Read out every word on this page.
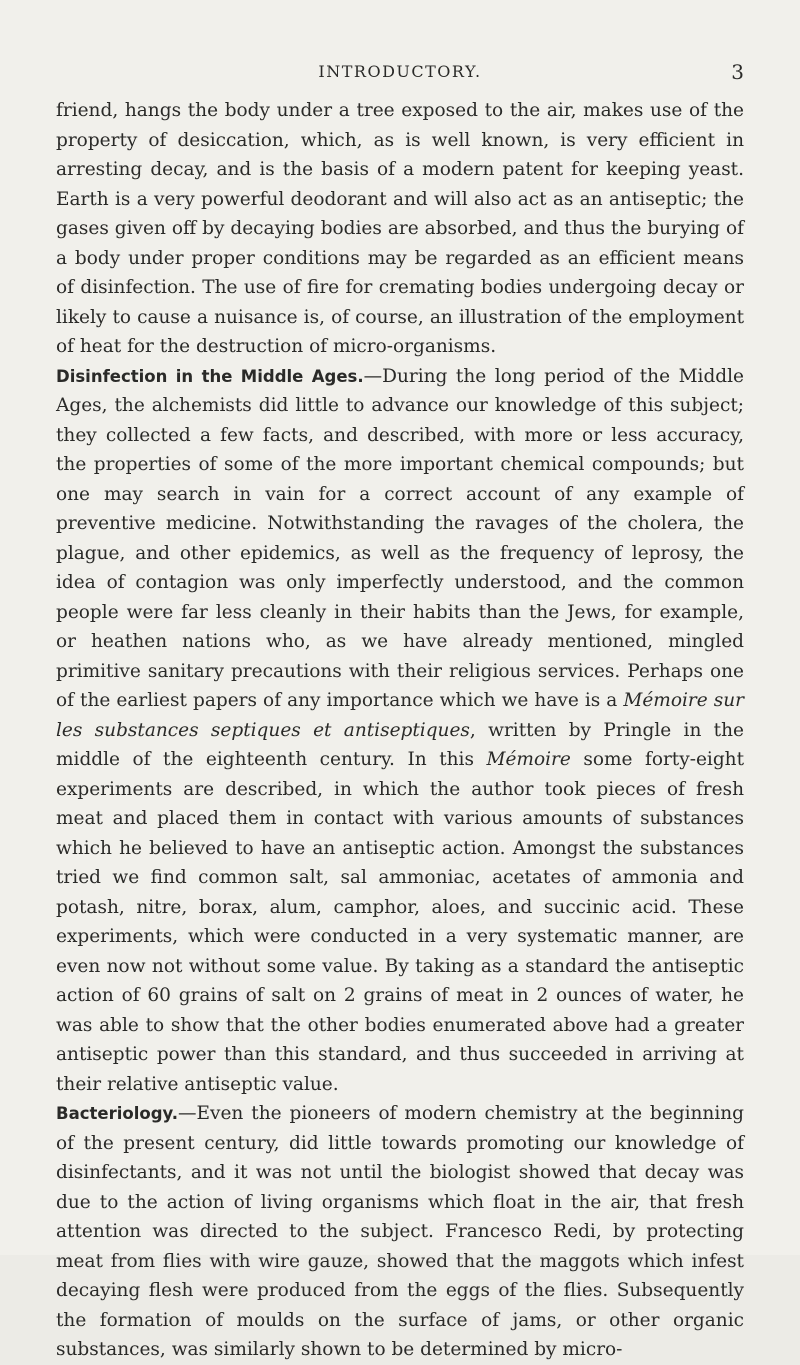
INTRODUCTORY.	3

friend, hangs the body under a tree exposed to the air, makes use of the property of desiccation, which, as is well known, is very efficient in arresting decay, and is the basis of a modern patent for keeping yeast. Earth is a very powerful deodorant and will also act as an antiseptic; the gases given off by decaying bodies are absorbed, and thus the burying of a body under proper conditions may be regarded as an efficient means of disinfection. The use of fire for cremating bodies undergoing decay or likely to cause a nuisance is, of course, an illustration of the employment of heat for the destruction of micro-organisms.

Disinfection in the Middle Ages.—During the long period of the Middle Ages, the alchemists did little to advance our knowledge of this subject; they collected a few facts, and described, with more or less accuracy, the properties of some of the more important chemical compounds; but one may search in vain for a correct account of any example of preventive medicine. Notwithstanding the ravages of the cholera, the plague, and other epidemics, as well as the frequency of leprosy, the idea of contagion was only imperfectly understood, and the common people were far less cleanly in their habits than the Jews, for example, or heathen nations who, as we have already mentioned, mingled primitive sanitary precautions with their religious services. Perhaps one of the earliest papers of any importance which we have is a Mémoire sur les substances septiques et antiseptiques, written by Pringle in the middle of the eighteenth century. In this Mémoire some forty-eight experiments are described, in which the author took pieces of fresh meat and placed them in contact with various amounts of substances which he believed to have an antiseptic action. Amongst the substances tried we find common salt, sal ammoniac, acetates of ammonia and potash, nitre, borax, alum, camphor, aloes, and succinic acid. These experiments, which were conducted in a very systematic manner, are even now not without some value. By taking as a standard the antiseptic action of 60 grains of salt on 2 grains of meat in 2 ounces of water, he was able to show that the other bodies enumerated above had a greater antiseptic power than this standard, and thus succeeded in arriving at their relative antiseptic value.

Bacteriology.—Even the pioneers of modern chemistry at the beginning of the present century, did little towards promoting our knowledge of disinfectants, and it was not until the biologist showed that decay was due to the action of living organisms which float in the air, that fresh attention was directed to the subject. Francesco Redi, by protecting meat from flies with wire gauze, showed that the maggots which infest decaying flesh were produced from the eggs of the flies. Subsequently the formation of moulds on the surface of jams, or other organic substances, was similarly shown to be determined by micro-
